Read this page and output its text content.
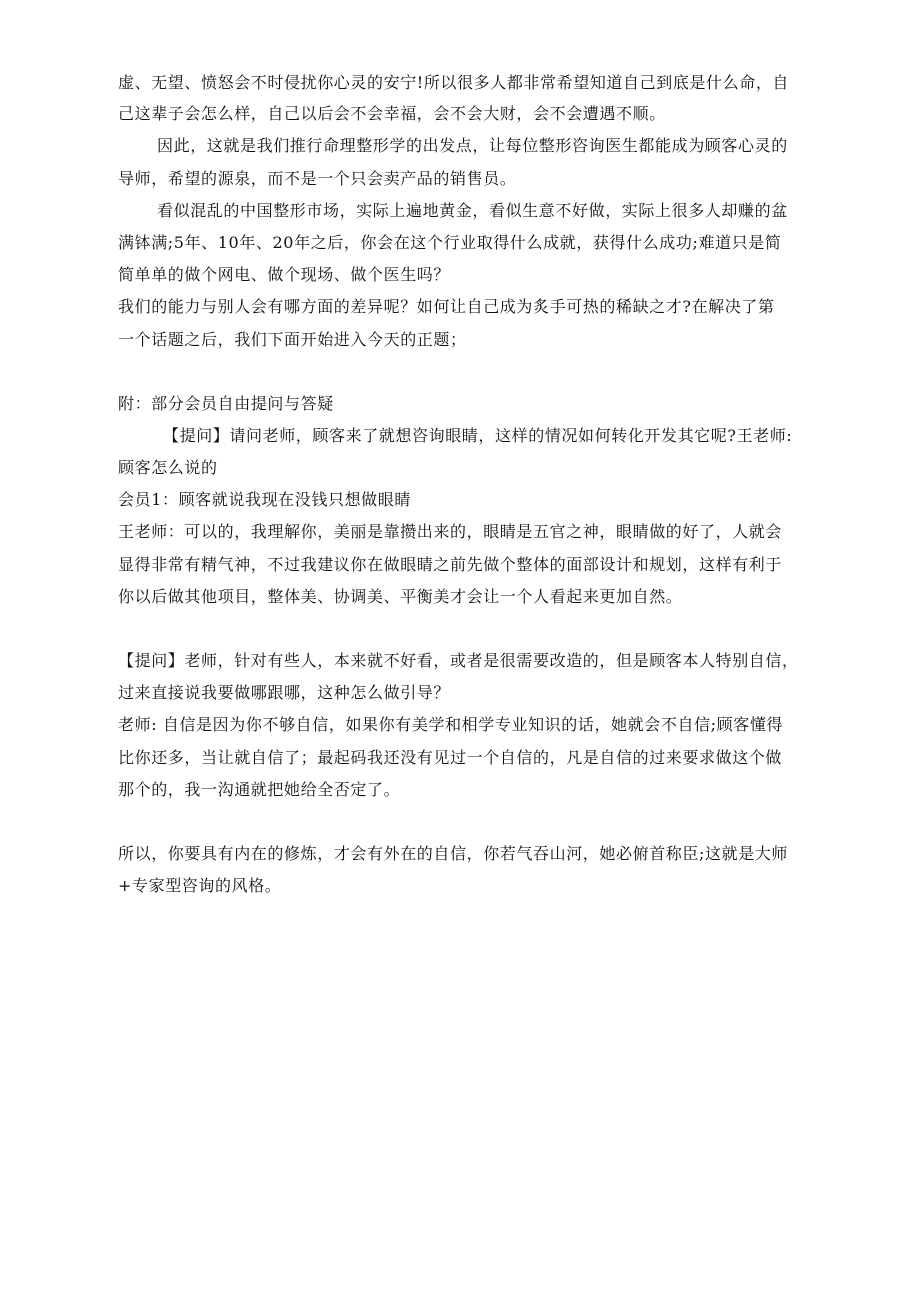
虚、无望、愤怒会不时侵扰你心灵的安宁!所以很多人都非常希望知道自己到底是什么命，自
己这辈子会怎么样，自己以后会不会幸福，会不会大财，会不会遭遇不顺。
因此，这就是我们推行命理整形学的出发点，让每位整形咨询医生都能成为顾客心灵的
导师，希望的源泉，而不是一个只会卖产品的销售员。
看似混乱的中国整形市场，实际上遍地黄金，看似生意不好做，实际上很多人却赚的盆
满钵满;5年、10年、20年之后，你会在这个行业取得什么成就，获得什么成功;难道只是简
简单单的做个网电、做个现场、做个医生吗？
我们的能力与别人会有哪方面的差异呢？如何让自己成为炙手可热的稀缺之才?在解决了第
一个话题之后，我们下面开始进入今天的正题；
附：部分会员自由提问与答疑
【提问】请问老师，顾客来了就想咨询眼睛，这样的情况如何转化开发其它呢?王老师:
顾客怎么说的
会员1：顾客就说我现在没钱只想做眼睛
王老师：可以的，我理解你，美丽是靠攒出来的，眼睛是五官之神，眼睛做的好了，人就会
显得非常有精气神，不过我建议你在做眼睛之前先做个整体的面部设计和规划，这样有利于
你以后做其他项目，整体美、协调美、平衡美才会让一个人看起来更加自然。
【提问】老师，针对有些人，本来就不好看，或者是很需要改造的，但是顾客本人特别自信，
过来直接说我要做哪跟哪，这种怎么做引导？
老师: 自信是因为你不够自信，如果你有美学和相学专业知识的话，她就会不自信;顾客懂得
比你还多，当让就自信了；最起码我还没有见过一个自信的，凡是自信的过来要求做这个做
那个的，我一沟通就把她给全否定了。
所以，你要具有内在的修炼，才会有外在的自信，你若气吞山河，她必俯首称臣;这就是大师
+专家型咨询的风格。
